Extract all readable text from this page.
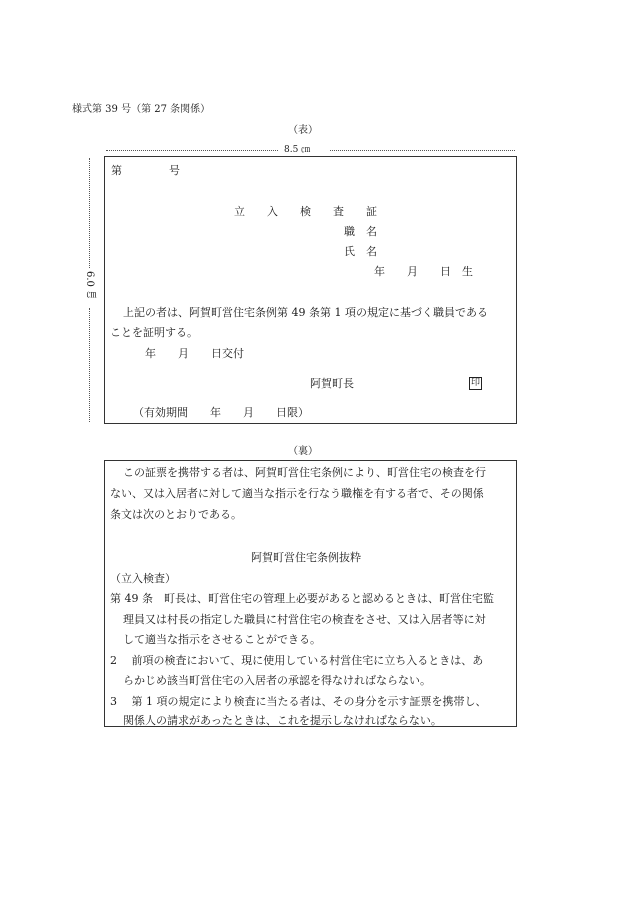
様式第 39 号（第 27 条関係）
（表）
8.5 ㎝
6.0 ㎝
第	号
立　　入　　検　　査　　証
職　名
氏　名
年　　月　　日　生
上記の者は、阿賀町営住宅条例第 49 条第 1 項の規定に基づく職員である
ことを証明する。
年　　月　　日交付
阿賀町長	印
（有効期間　　年　　月　　日限）
（裏）
この証票を携帯する者は、阿賀町営住宅条例により、町営住宅の検査を行
ない、又は入居者に対して適当な指示を行なう職権を有する者で、その関係
条文は次のとおりである。
阿賀町営住宅条例抜粋
（立入検査）
第 49 条　町長は、町営住宅の管理上必要があると認めるときは、町営住宅監
理員又は村長の指定した職員に村営住宅の検査をさせ、又は入居者等に対
して適当な指示をさせることができる。
2　 前項の検査において、現に使用している村営住宅に立ち入るときは、あ
らかじめ該当町営住宅の入居者の承認を得なければならない。
3　 第 1 項の規定により検査に当たる者は、その身分を示す証票を携帯し、
関係人の請求があったときは、これを提示しなければならない。
